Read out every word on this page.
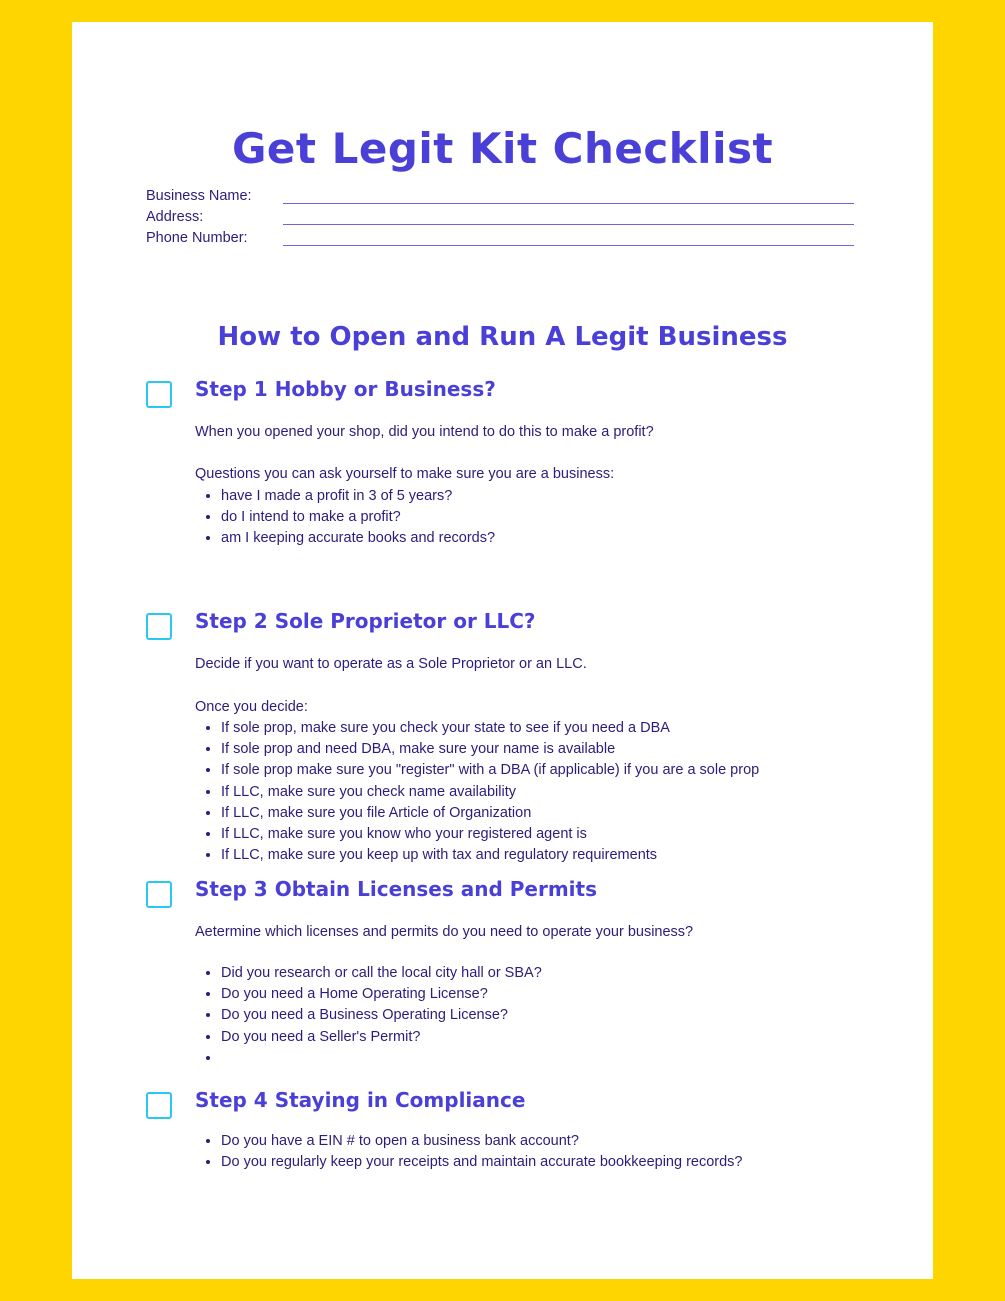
Get Legit Kit Checklist
Business Name:
Address:
Phone Number:
How to Open and Run A Legit Business
Step 1 Hobby or Business?
When you opened your shop, did you intend to do this to make a profit?
Questions you can ask yourself to make sure you are a business:
• have I made a profit in 3 of 5 years?
• do I intend to make a profit?
• am I keeping accurate books and records?
Step 2 Sole Proprietor or LLC?
Decide if you want to operate as a Sole Proprietor or an LLC.
Once you decide:
• If sole prop, make sure you check your state to see if you need a DBA
• If sole prop and need DBA, make sure your name is available
• If sole prop make sure you "register" with a DBA (if applicable) if you are a sole prop
• If LLC, make sure you check name availability
• If LLC, make sure you file Article of Organization
• If LLC, make sure you know who your registered agent is
• If LLC, make sure you keep up with tax and regulatory requirements
Step 3 Obtain Licenses and Permits
Aetermine which licenses and permits do you need to operate your business?
• Did you research or call the local city hall or SBA?
• Do you need a Home Operating License?
• Do you need a Business Operating License?
• Do you need a Seller's Permit?
•
Step 4 Staying in Compliance
• Do you have a EIN # to open a business bank account?
• Do you regularly keep your receipts and maintain accurate bookkeeping records?
